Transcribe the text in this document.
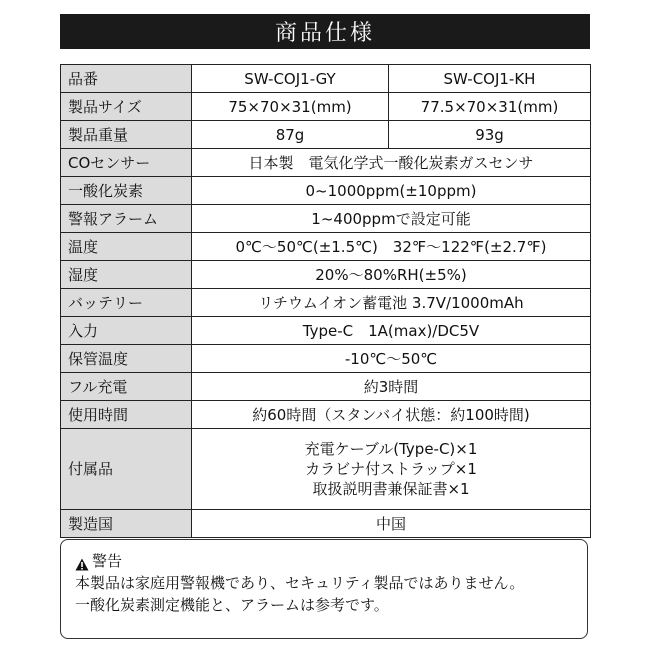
商品仕様
品番	SW-COJ1-GY	SW-COJ1-KH
製品サイズ	75×70×31(mm)	77.5×70×31(mm)
製品重量	87g	93g
COセンサー	日本製　電気化学式一酸化炭素ガスセンサ	
一酸化炭素	0~1000ppm(±10ppm)	
警報アラーム	1~400ppmで設定可能	
温度	0℃〜50℃(±1.5℃)　32℉〜122℉(±2.7℉)	
湿度	20%〜80%RH(±5%)	
バッテリー	リチウムイオン蓄電池 3.7V/1000mAh	
入力	Type-C　1A(max)/DC5V	
保管温度	-10℃〜50℃	
フル充電	約3時間	
使用時間	約60時間（スタンバイ状態：約100時間)	
付属品	充電ケーブル(Type-C)×1
カラビナ付ストラップ×1
取扱説明書兼保証書×1	

製造国	中国	
警告
本製品は家庭用警報機であり、セキュリティ製品ではありません。
一酸化炭素測定機能と、アラームは参考です。
